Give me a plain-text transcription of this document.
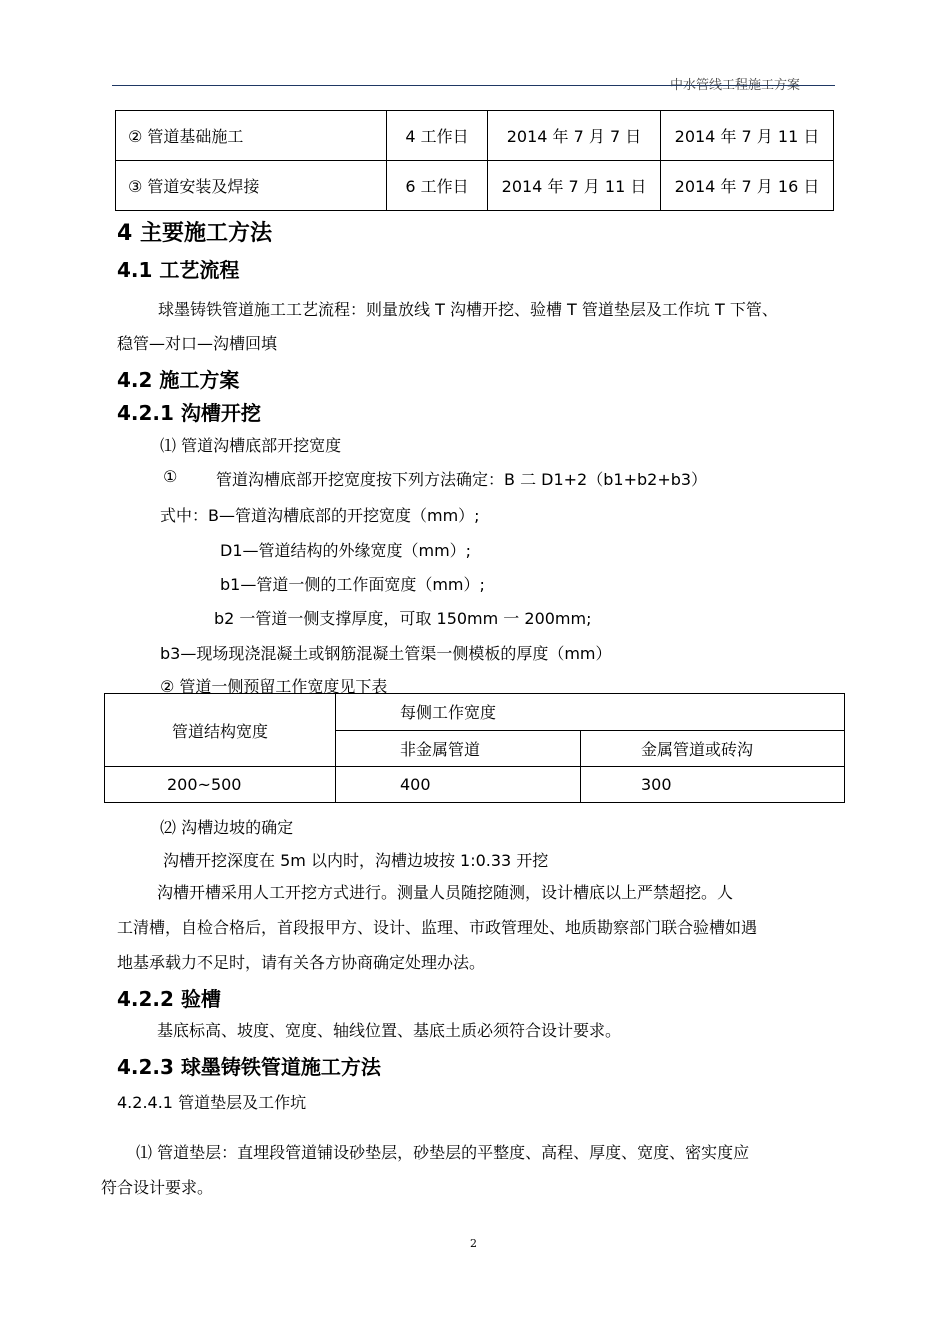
中水管线工程施工方案
② 管道基础施工	4 工作日	2014 年 7 月 7 日	2014 年 7 月 11 日
③ 管道安装及焊接	6 工作日	2014 年 7 月 11 日	2014 年 7 月 16 日
4 主要施工方法
4.1 工艺流程
球墨铸铁管道施工工艺流程：则量放线 T 沟槽开挖、验槽 T 管道垫层及工作坑 T 下管、
稳管—对口—沟槽回填
4.2 施工方案
4.2.1 沟槽开挖
⑴ 管道沟槽底部开挖宽度
① 管道沟槽底部开挖宽度按下列方法确定：B 二 D1+2（b1+b2+b3）
式中：B—管道沟槽底部的开挖宽度（mm）;
D1—管道结构的外缘宽度（mm）;
b1—管道一侧的工作面宽度（mm）;
b2 一管道一侧支撑厚度，可取 150mm 一 200mm;
b3—现场现浇混凝土或钢筋混凝土管渠一侧模板的厚度（mm）
② 管道一侧预留工作宽度见下表
管道结构宽度	每侧工作宽度	
	非金属管道	金属管道或砖沟
200~500	400	300
⑵ 沟槽边坡的确定
沟槽开挖深度在 5m 以内时，沟槽边坡按 1:0.33 开挖
沟槽开槽采用人工开挖方式进行。测量人员随挖随测，设计槽底以上严禁超挖。人
工清槽，自检合格后，首段报甲方、设计、监理、市政管理处、地质勘察部门联合验槽如遇
地基承载力不足时，请有关各方协商确定处理办法。
4.2.2 验槽
基底标高、坡度、宽度、轴线位置、基底土质必须符合设计要求。
4.2.3 球墨铸铁管道施工方法
4.2.4.1 管道垫层及工作坑
⑴ 管道垫层：直埋段管道铺设砂垫层，砂垫层的平整度、高程、厚度、宽度、密实度应
符合设计要求。
2
